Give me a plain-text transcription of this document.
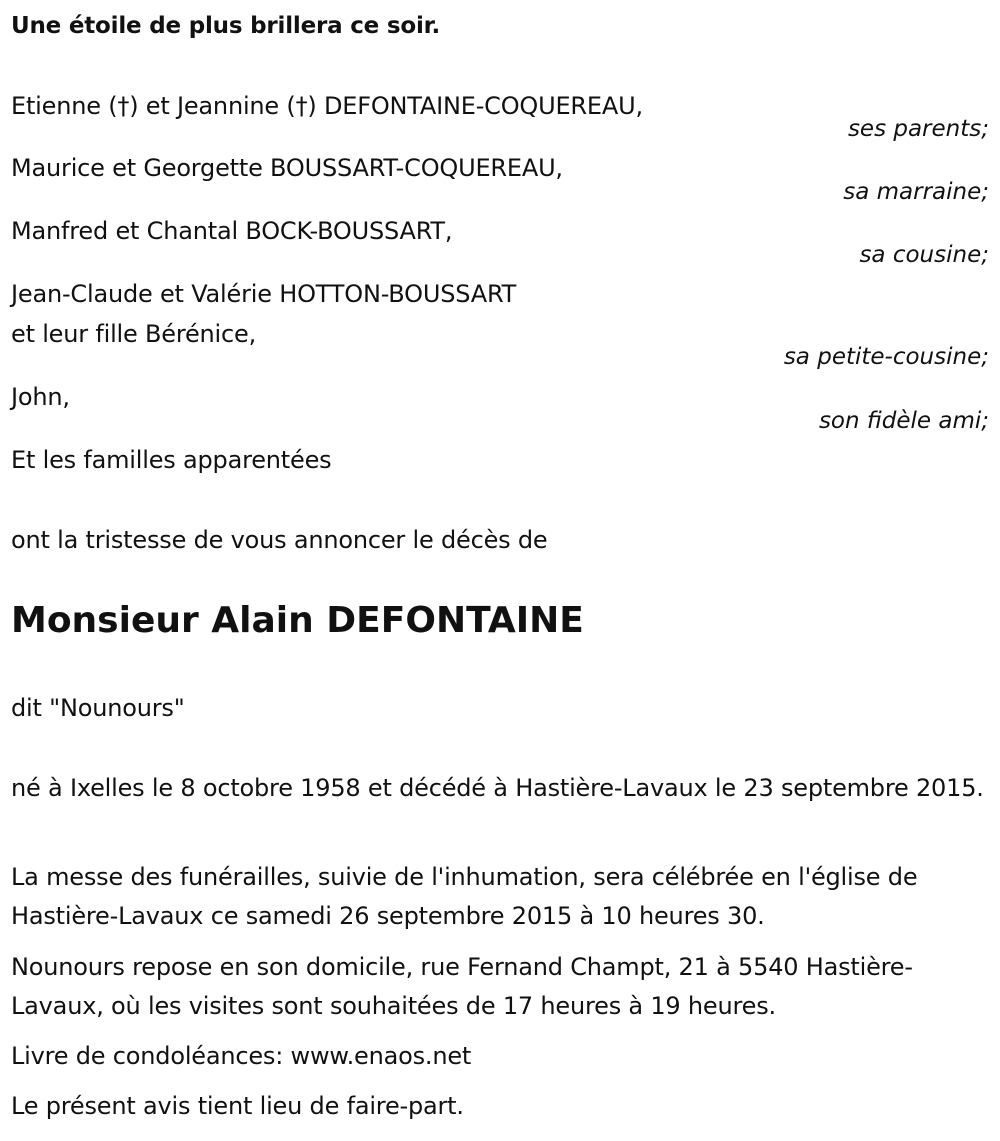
Une étoile de plus brillera ce soir.
Etienne (†) et Jeannine (†) DEFONTAINE-COQUEREAU,
ses parents;
Maurice et Georgette BOUSSART-COQUEREAU,
sa marraine;
Manfred et Chantal BOCK-BOUSSART,
sa cousine;
Jean-Claude et Valérie HOTTON-BOUSSART
et leur fille Bérénice,
sa petite-cousine;
John,
son fidèle ami;
Et les familles apparentées
ont la tristesse de vous annoncer le décès de
Monsieur Alain DEFONTAINE
dit "Nounours"
né à Ixelles le 8 octobre 1958 et décédé à Hastière-Lavaux le 23 septembre 2015.
La messe des funérailles, suivie de l'inhumation, sera célébrée en l'église de Hastière-Lavaux ce samedi 26 septembre 2015 à 10 heures 30.
Nounours repose en son domicile, rue Fernand Champt, 21 à 5540 Hastière-Lavaux, où les visites sont souhaitées de 17 heures à 19 heures.
Livre de condoléances: www.enaos.net
Le présent avis tient lieu de faire-part.
